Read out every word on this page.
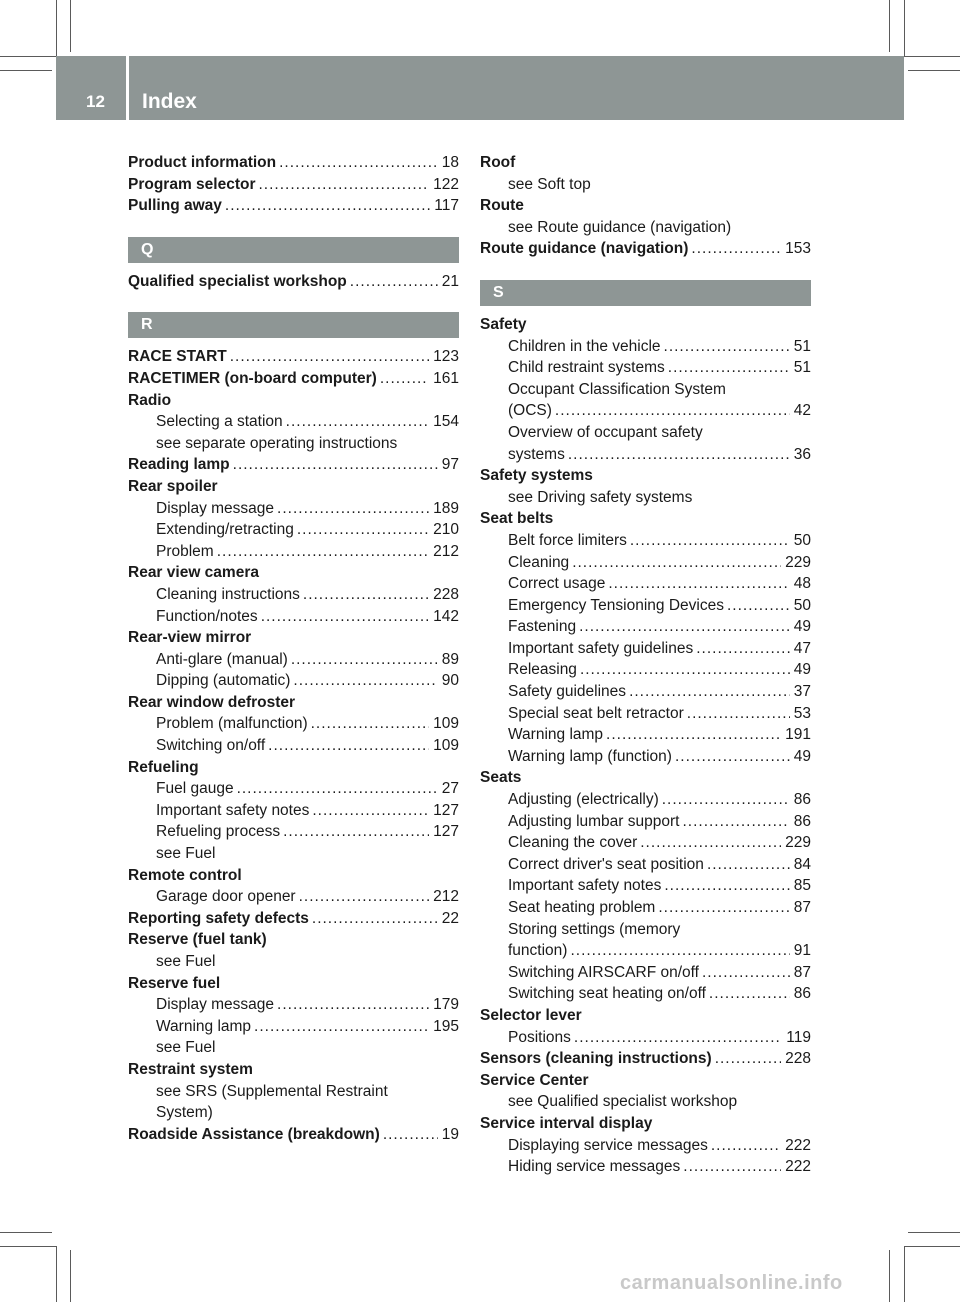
12 Index
Product information .....	18
Program selector .....	122
Pulling away .....	117
Q
Qualified specialist workshop .....	21
R
RACE START .....	123
RACETIMER (on-board computer) .....	161
Radio
Selecting a station .....	154
see separate operating instructions
Reading lamp .....	97
Rear spoiler
Display message .....	189
Extending/retracting .....	210
Problem .....	212
Rear view camera
Cleaning instructions .....	228
Function/notes .....	142
Rear-view mirror
Anti-glare (manual) .....	89
Dipping (automatic) .....	90
Rear window defroster
Problem (malfunction) .....	109
Switching on/off .....	109
Refueling
Fuel gauge .....	27
Important safety notes .....	127
Refueling process .....	127
see Fuel
Remote control
Garage door opener .....	212
Reporting safety defects .....	22
Reserve (fuel tank)
see Fuel
Reserve fuel
Display message .....	179
Warning lamp .....	195
see Fuel
Restraint system
see SRS (Supplemental Restraint
System)
Roadside Assistance (breakdown) .....	19
Roof
see Soft top
Route
see Route guidance (navigation)
Route guidance (navigation) .....	153
S
Safety
Children in the vehicle .....	51
Child restraint systems .....	51
Occupant Classification System
(OCS) .....	42
Overview of occupant safety
systems .....	36
Safety systems
see Driving safety systems
Seat belts
Belt force limiters .....	50
Cleaning .....	229
Correct usage .....	48
Emergency Tensioning Devices .....	50
Fastening .....	49
Important safety guidelines .....	47
Releasing .....	49
Safety guidelines .....	37
Special seat belt retractor .....	53
Warning lamp .....	191
Warning lamp (function) .....	49
Seats
Adjusting (electrically) .....	86
Adjusting lumbar support .....	86
Cleaning the cover .....	229
Correct driver's seat position .....	84
Important safety notes .....	85
Seat heating problem .....	87
Storing settings (memory
function) .....	91
Switching AIRSCARF on/off .....	87
Switching seat heating on/off .....	86
Selector lever
Positions .....	119
Sensors (cleaning instructions) .....	228
Service Center
see Qualified specialist workshop
Service interval display
Displaying service messages .....	222
Hiding service messages .....	222
carmanualsonline.info
